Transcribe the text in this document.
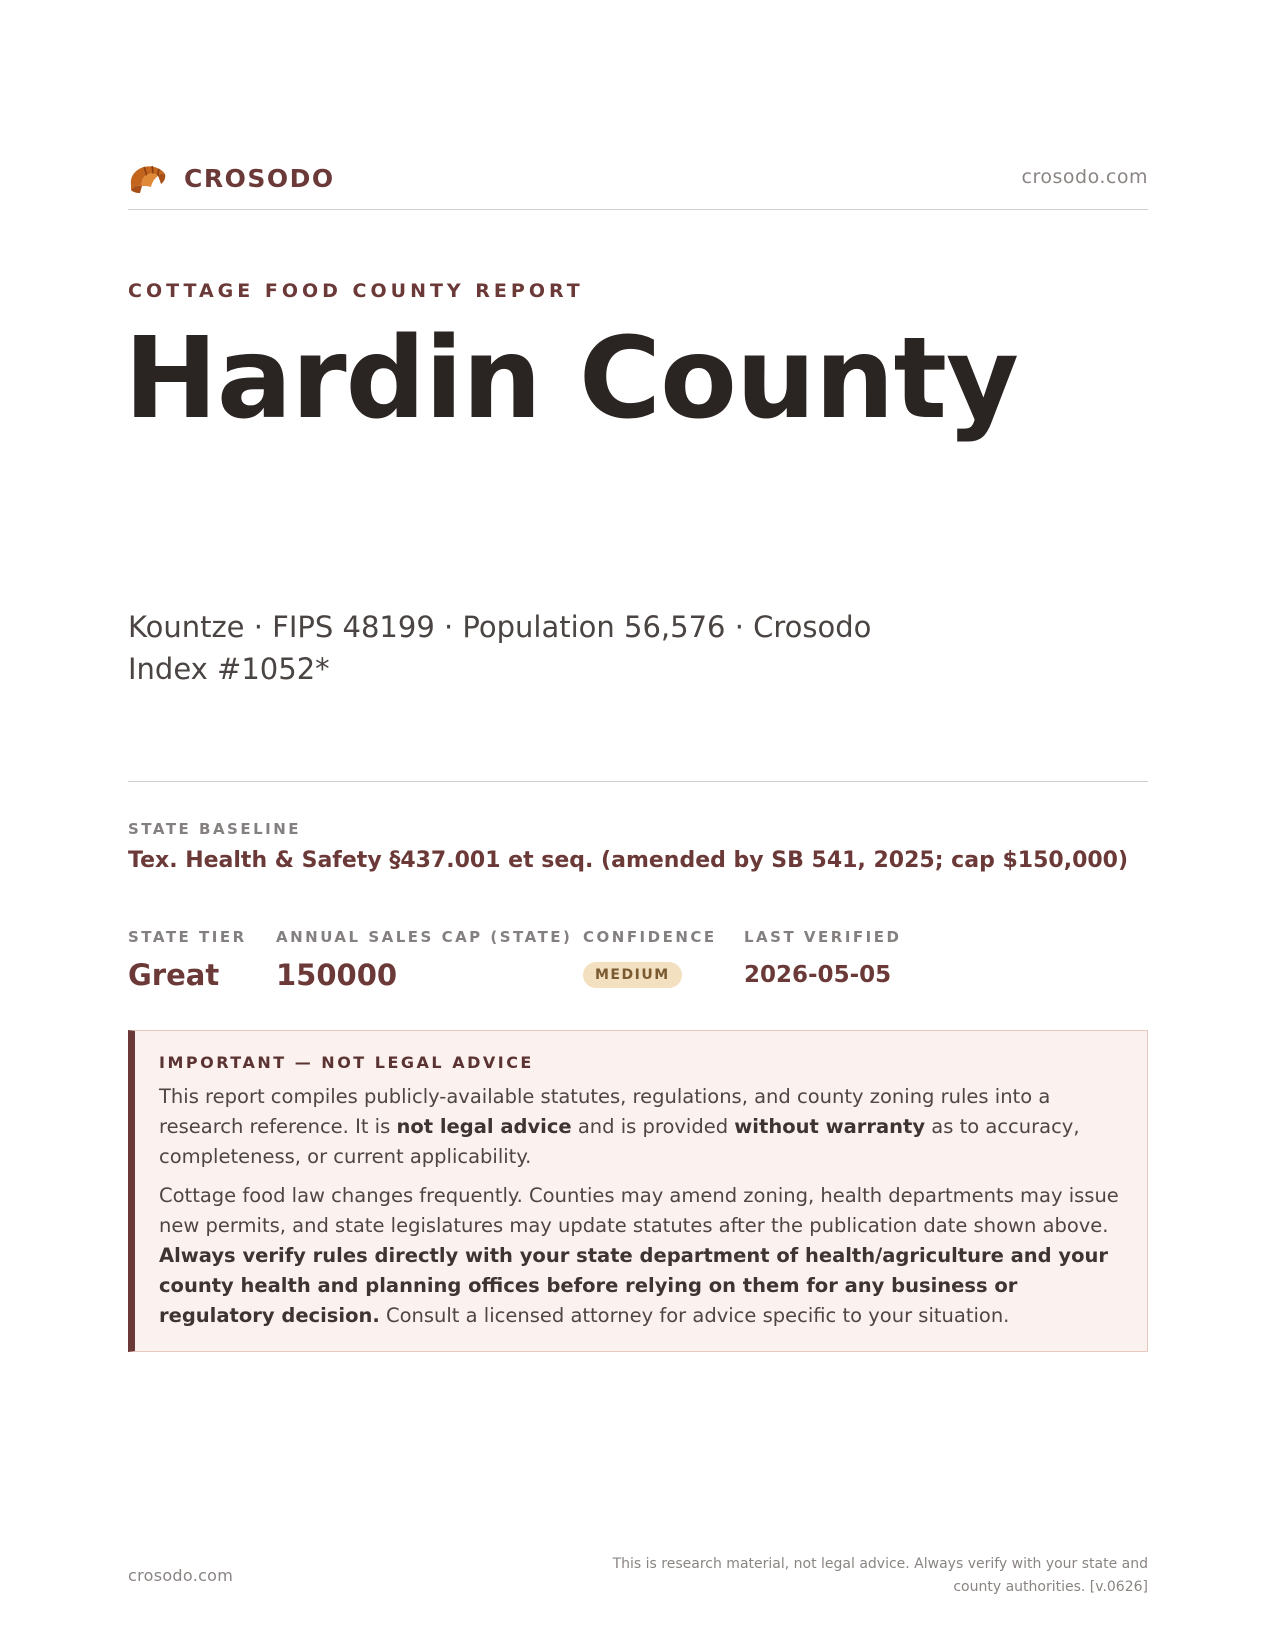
CROSODO	crosodo.com
COTTAGE FOOD COUNTY REPORT
Hardin County
Kountze · FIPS 48199 · Population 56,576 · Crosodo Index #1052*
STATE BASELINE
Tex. Health & Safety §437.001 et seq. (amended by SB 541, 2025; cap $150,000)
STATE TIER
Great
ANNUAL SALES CAP (STATE)
150000
CONFIDENCE
MEDIUM
LAST VERIFIED
2026-05-05
IMPORTANT — NOT LEGAL ADVICE

This report compiles publicly-available statutes, regulations, and county zoning rules into a research reference. It is not legal advice and is provided without warranty as to accuracy, completeness, or current applicability.

Cottage food law changes frequently. Counties may amend zoning, health departments may issue new permits, and state legislatures may update statutes after the publication date shown above. Always verify rules directly with your state department of health/agriculture and your county health and planning offices before relying on them for any business or regulatory decision. Consult a licensed attorney for advice specific to your situation.

crosodo.com
This is research material, not legal advice. Always verify with your state and county authorities. [v.0626]
